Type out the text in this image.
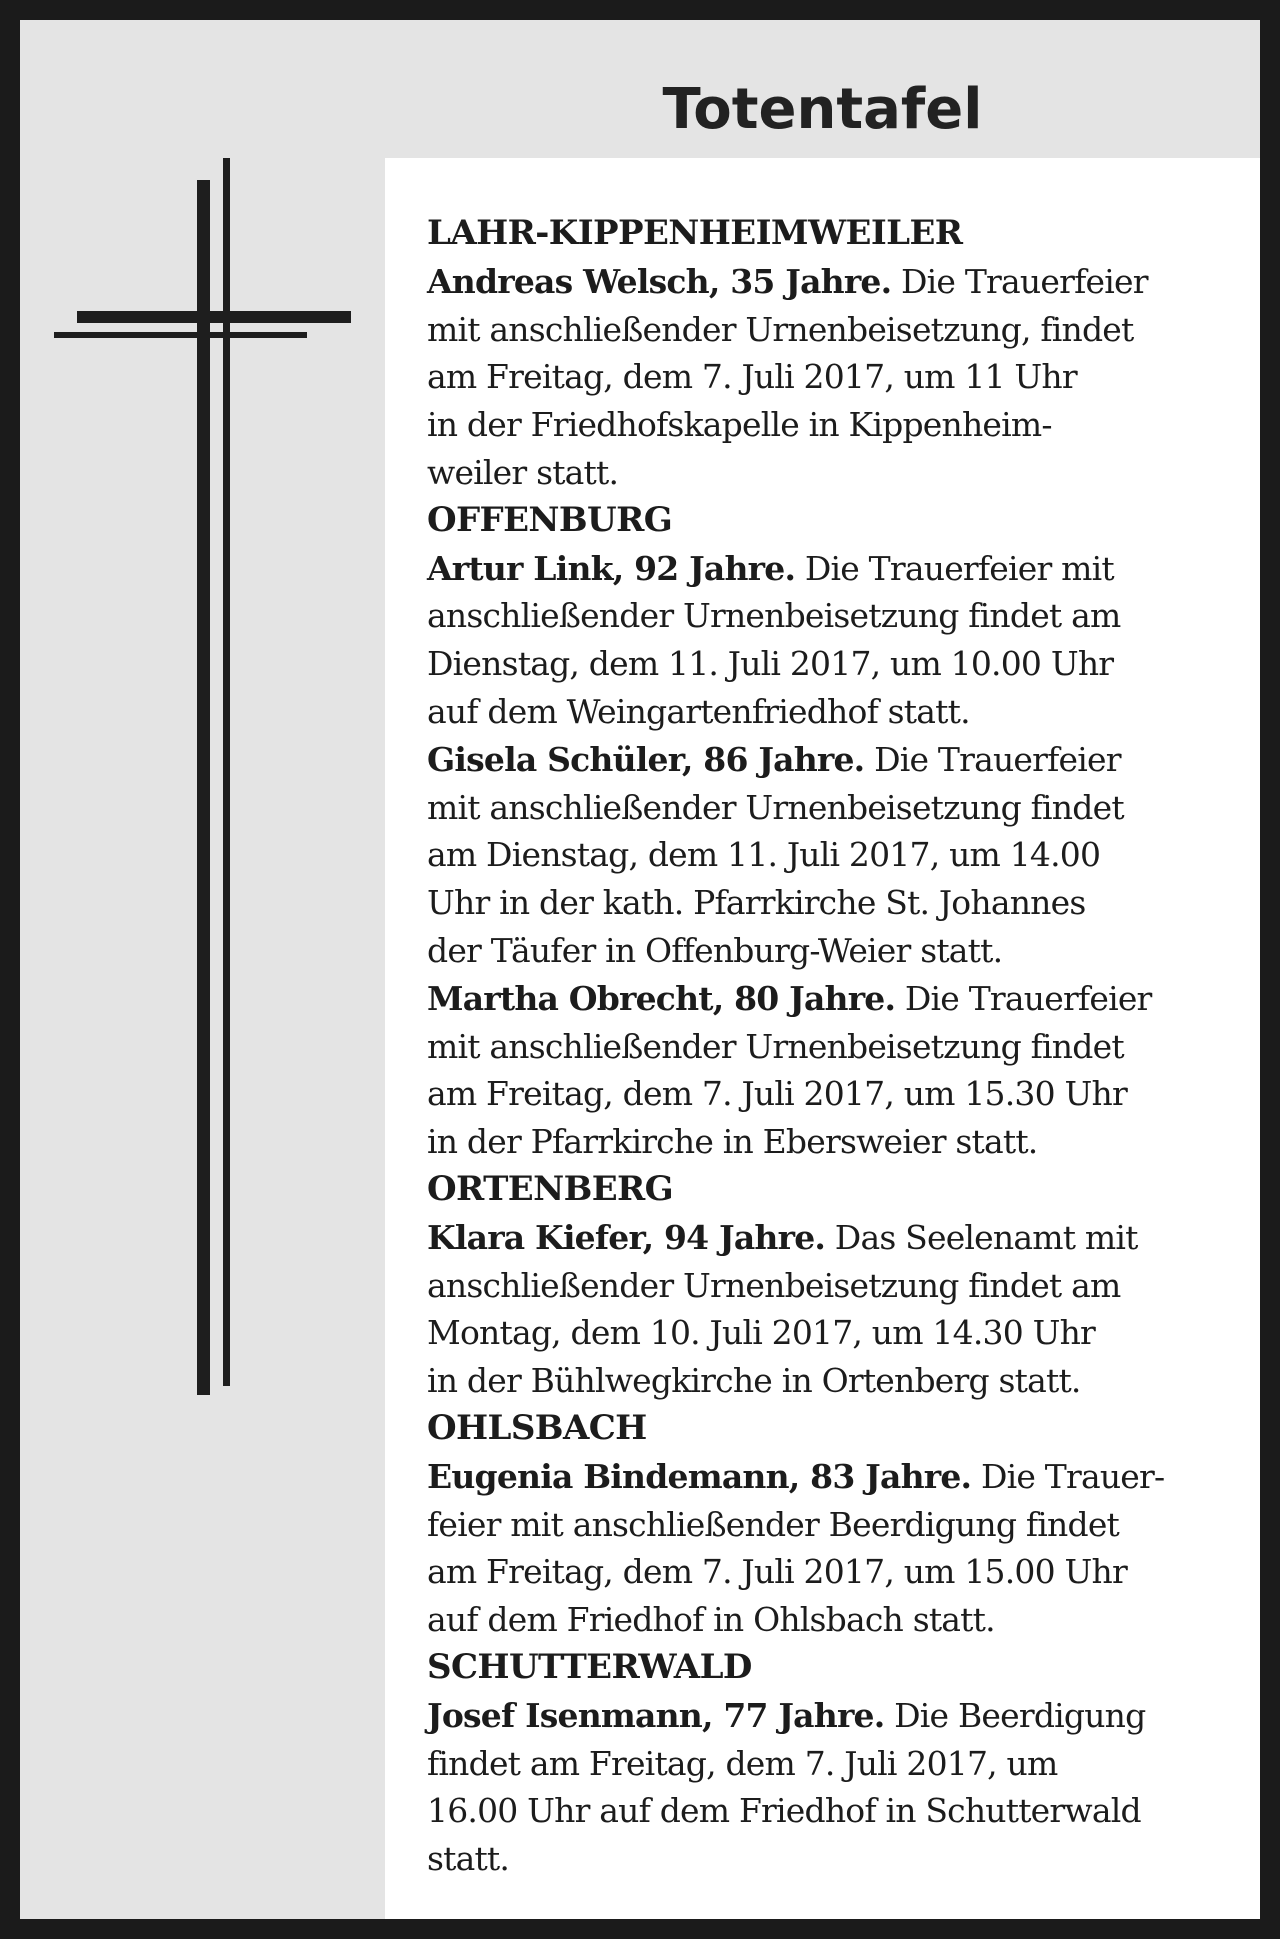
Totentafel

LAHR-KIPPENHEIMWEILER

Andreas Welsch, 35 Jahre. Die Trauerfeier
mit anschließender Urnenbeisetzung, findet
am Freitag, dem 7. Juli 2017, um 11 Uhr
in der Friedhofskapelle in Kippenheim-
weiler statt.

OFFENBURG

Artur Link, 92 Jahre. Die Trauerfeier mit
anschließender Urnenbeisetzung findet am
Dienstag, dem 11. Juli 2017, um 10.00 Uhr
auf dem Weingartenfriedhof statt.

Gisela Schüler, 86 Jahre. Die Trauerfeier
mit anschließender Urnenbeisetzung findet
am Dienstag, dem 11. Juli 2017, um 14.00
Uhr in der kath. Pfarrkirche St. Johannes
der Täufer in Offenburg-Weier statt.

Martha Obrecht, 80 Jahre. Die Trauerfeier
mit anschließender Urnenbeisetzung findet
am Freitag, dem 7. Juli 2017, um 15.30 Uhr
in der Pfarrkirche in Ebersweier statt.

ORTENBERG

Klara Kiefer, 94 Jahre. Das Seelenamt mit
anschließender Urnenbeisetzung findet am
Montag, dem 10. Juli 2017, um 14.30 Uhr
in der Bühlwegkirche in Ortenberg statt.

OHLSBACH

Eugenia Bindemann, 83 Jahre. Die Trauer-
feier mit anschließender Beerdigung findet
am Freitag, dem 7. Juli 2017, um 15.00 Uhr
auf dem Friedhof in Ohlsbach statt.

SCHUTTERWALD

Josef Isenmann, 77 Jahre. Die Beerdigung
findet am Freitag, dem 7. Juli 2017, um
16.00 Uhr auf dem Friedhof in Schutterwald
statt.
